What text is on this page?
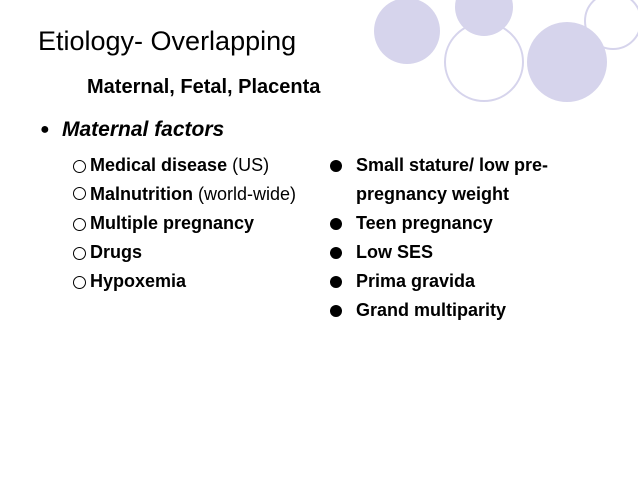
Etiology- Overlapping
Maternal, Fetal, Placenta
● Maternal factors
Medical disease (US)
Malnutrition (world-wide)
Multiple pregnancy
Drugs
Hypoxemia
Small stature/ low pre-pregnancy weight
Teen pregnancy
Low SES
Prima gravida
Grand multiparity
